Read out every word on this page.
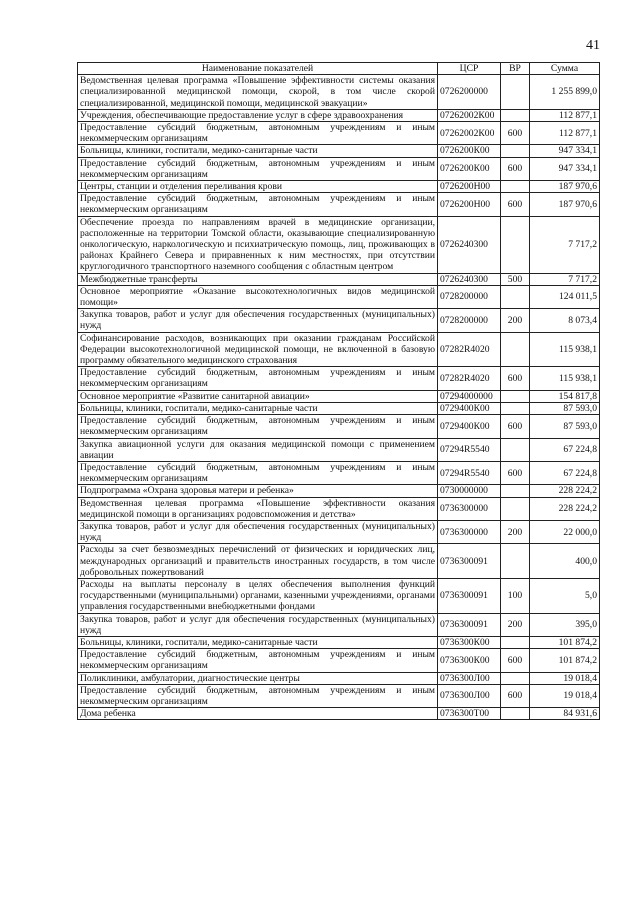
41
Наименование показателей	ЦСР	ВР	Сумма
Ведомственная целевая программа «Повышение эффективности системы оказания специализированной медицинской помощи, скорой, в том числе скорой специализированной, медицинской помощи, медицинской эвакуации»	0726200000		1 255 899,0
Учреждения, обеспечивающие предоставление услуг в сфере здравоохранения	07262002К00		112 877,1
Предоставление субсидий бюджетным, автономным учреждениям и иным некоммерческим организациям	07262002К00	600	112 877,1
Больницы, клиники, госпитали, медико-санитарные части	0726200К00		947 334,1
Предоставление субсидий бюджетным, автономным учреждениям и иным некоммерческим организациям	0726200К00	600	947 334,1
Центры, станции и отделения переливания крови	0726200Н00		187 970,6
Предоставление субсидий бюджетным, автономным учреждениям и иным некоммерческим организациям	0726200Н00	600	187 970,6
Обеспечение проезда по направлениям врачей в медицинские организации, расположенные на территории Томской области, оказывающие специализированную онкологическую, наркологическую и психиатрическую помощь, лиц, проживающих в районах Крайнего Севера и приравненных к ним местностях, при отсутствии круглогодичного транспортного наземного сообщения с областным центром	0726240300		7 717,2
Межбюджетные трансферты	0726240300	500	7 717,2
Основное мероприятие «Оказание высокотехнологичных видов медицинской помощи»	0728200000		124 011,5
Закупка товаров, работ и услуг для обеспечения государственных (муниципальных) нужд	0728200000	200	8 073,4
Софинансирование расходов, возникающих при оказании гражданам Российской Федерации высокотехнологичной медицинской помощи, не включенной в базовую программу обязательного медицинского страхования	07282R4020		115 938,1
Предоставление субсидий бюджетным, автономным учреждениям и иным некоммерческим организациям	07282R4020	600	115 938,1
Основное мероприятие «Развитие санитарной авиации»	07294000000		154 817,8
Больницы, клиники, госпитали, медико-санитарные части	0729400К00		87 593,0
Предоставление субсидий бюджетным, автономным учреждениям и иным некоммерческим организациям	0729400К00	600	87 593,0
Закупка авиационной услуги для оказания медицинской помощи с применением авиации	07294R5540		67 224,8
Предоставление субсидий бюджетным, автономным учреждениям и иным некоммерческим организациям	07294R5540	600	67 224,8
Подпрограмма «Охрана здоровья матери и ребенка»	0730000000		228 224,2
Ведомственная целевая программа «Повышение эффективности оказания медицинской помощи в организациях родовспоможения и детства»	0736300000		228 224,2
Закупка товаров, работ и услуг для обеспечения государственных (муниципальных) нужд	0736300000	200	22 000,0
Расходы за счет безвозмездных перечислений от физических и юридических лиц, международных организаций и правительств иностранных государств, в том числе добровольных пожертвований	0736300091		400,0
Расходы на выплаты персоналу в целях обеспечения выполнения функций государственными (муниципальными) органами, казенными учреждениями, органами управления государственными внебюджетными фондами	0736300091	100	5,0
Закупка товаров, работ и услуг для обеспечения государственных (муниципальных) нужд	0736300091	200	395,0
Больницы, клиники, госпитали, медико-санитарные части	0736300К00		101 874,2
Предоставление субсидий бюджетным, автономным учреждениям и иным некоммерческим организациям	0736300К00	600	101 874,2
Поликлиники, амбулатории, диагностические центры	0736300Л00		19 018,4
Предоставление субсидий бюджетным, автономным учреждениям и иным некоммерческим организациям	0736300Л00	600	19 018,4
Дома ребенка	0736300Т00		84 931,6
